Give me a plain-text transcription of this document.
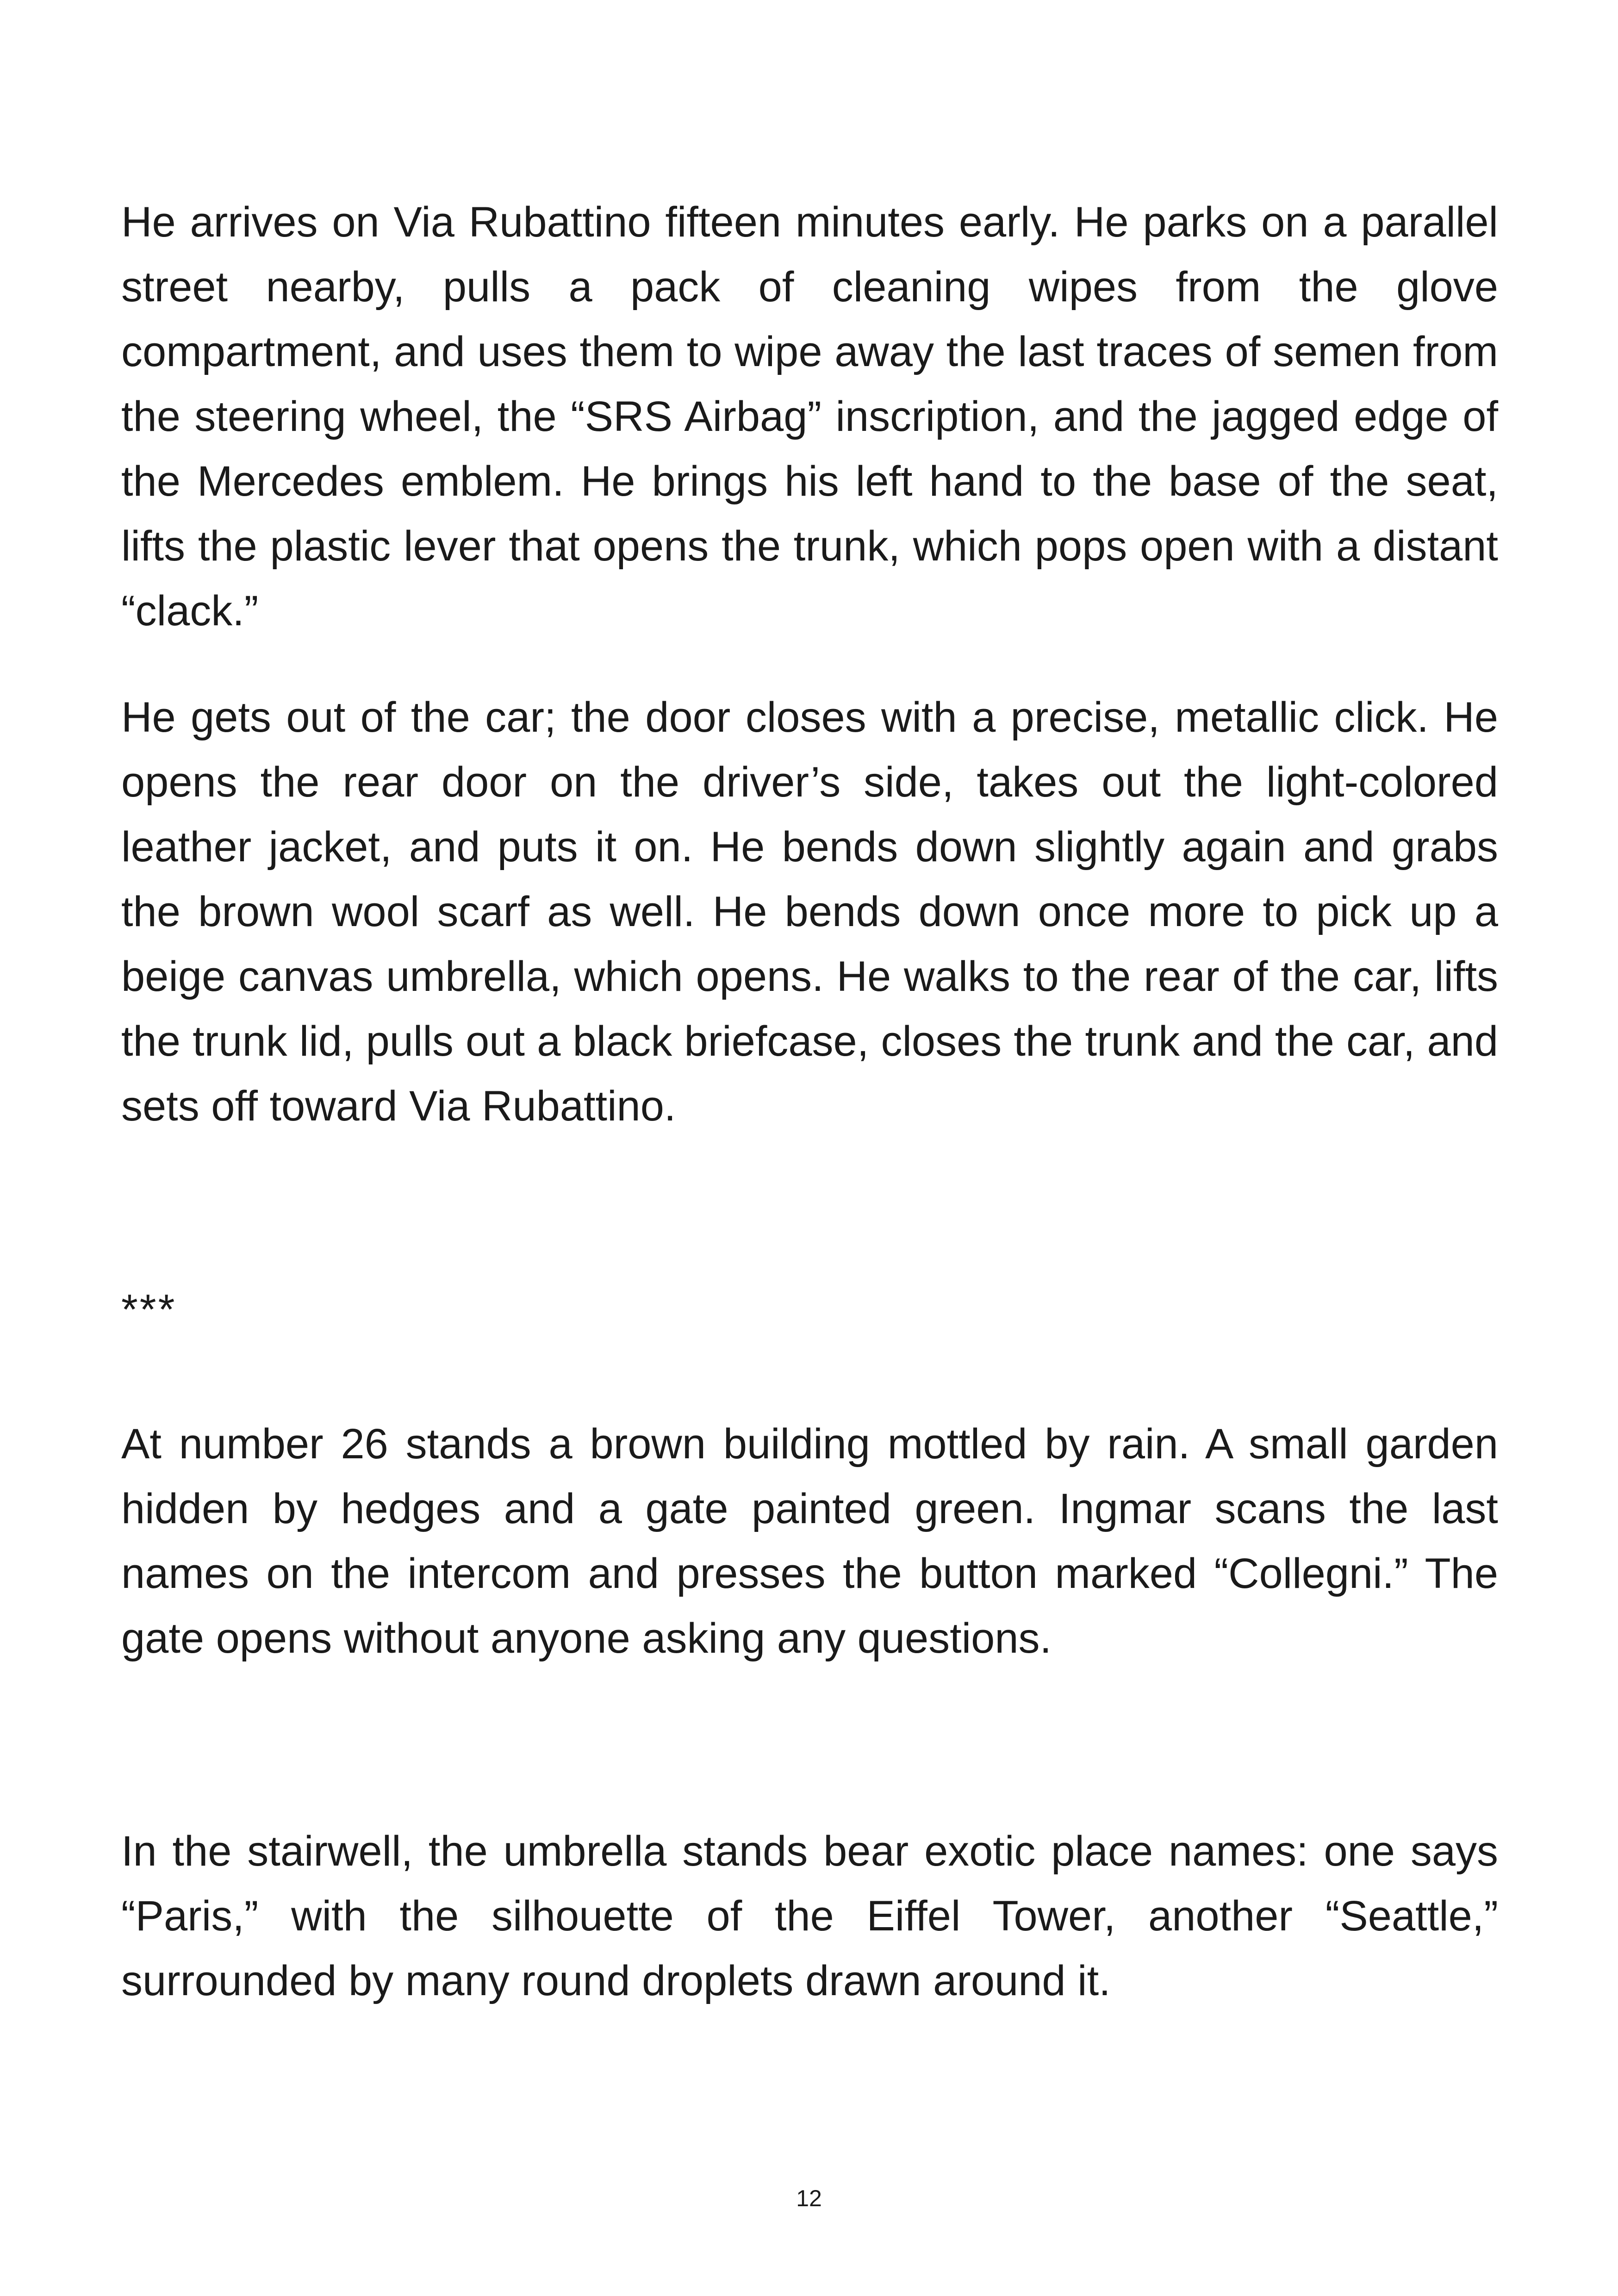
He arrives on Via Rubattino fifteen minutes early. He parks on a parallel street nearby, pulls a pack of cleaning wipes from the glove compartment, and uses them to wipe away the last traces of semen from the steering wheel, the “SRS Airbag” inscription, and the jagged edge of the Mercedes emblem. He brings his left hand to the base of the seat, lifts the plastic lever that opens the trunk, which pops open with a distant “clack.”

He gets out of the car; the door closes with a precise, metallic click. He opens the rear door on the driver’s side, takes out the light-colored leather jacket, and puts it on. He bends down slightly again and grabs the brown wool scarf as well. He bends down once more to pick up a beige canvas umbrella, which opens. He walks to the rear of the car, lifts the trunk lid, pulls out a black briefcase, closes the trunk and the car, and sets off toward Via Rubattino.

***

At number 26 stands a brown building mottled by rain. A small garden hidden by hedges and a gate painted green. Ingmar scans the last names on the intercom and presses the button marked “Collegni.” The gate opens without anyone asking any questions.

In the stairwell, the umbrella stands bear exotic place names: one says “Paris,” with the silhouette of the Eiffel Tower, another “Seattle,” surrounded by many round droplets drawn around it.

12
